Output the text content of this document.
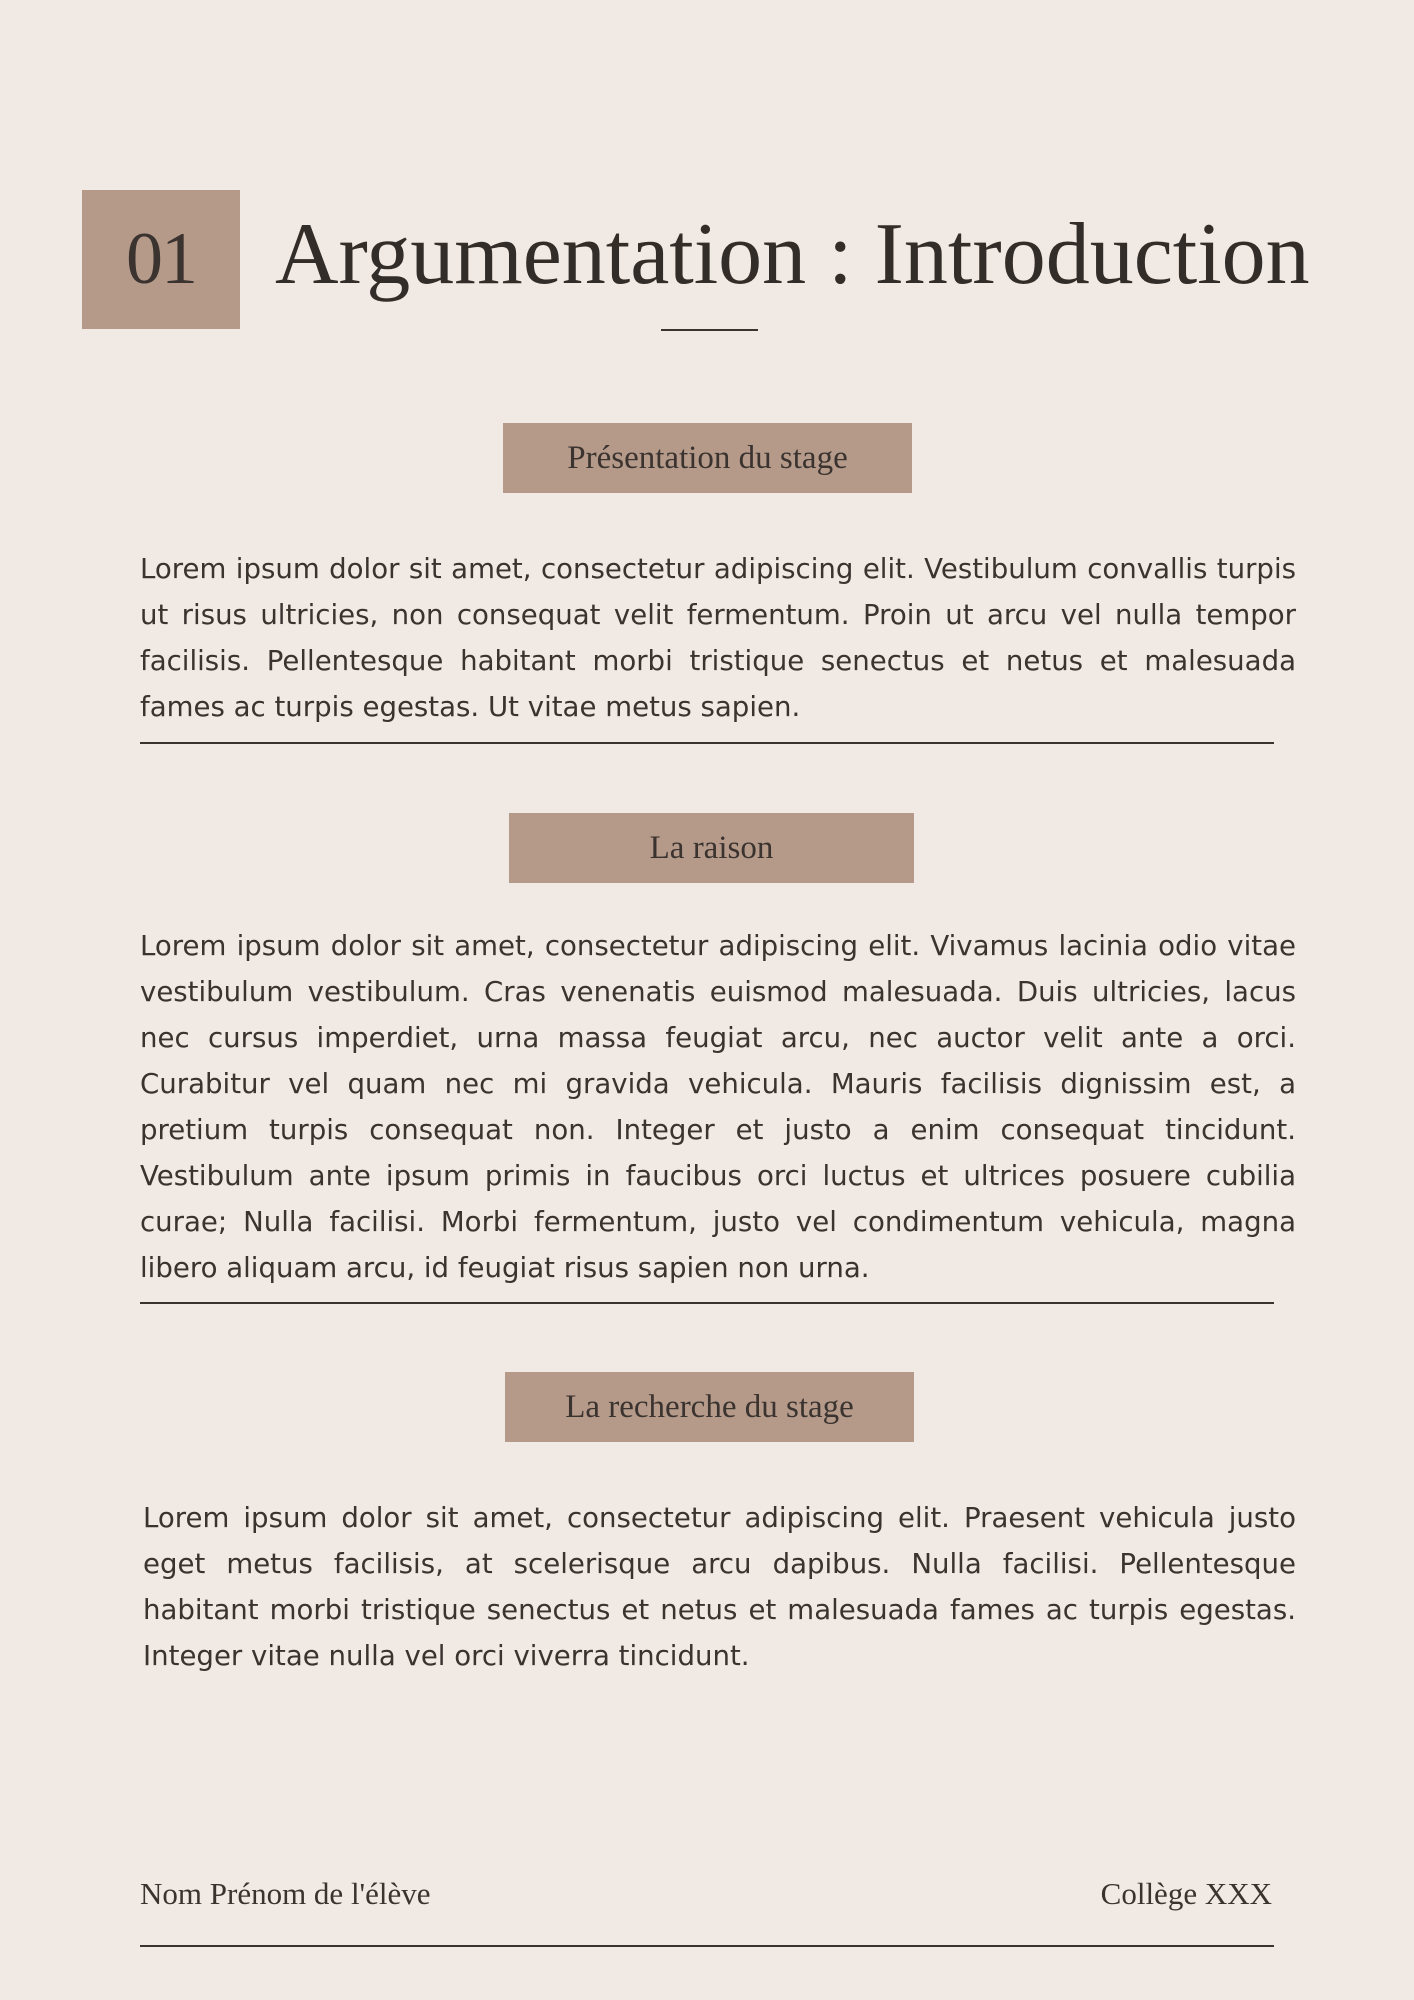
01 Argumentation : Introduction
Présentation du stage
Lorem ipsum dolor sit amet, consectetur adipiscing elit. Vestibulum convallis turpis ut risus ultricies, non consequat velit fermentum. Proin ut arcu vel nulla tempor facilisis. Pellentesque habitant morbi tristique senectus et netus et malesuada fames ac turpis egestas. Ut vitae metus sapien.
La raison
Lorem ipsum dolor sit amet, consectetur adipiscing elit. Vivamus lacinia odio vitae vestibulum vestibulum. Cras venenatis euismod malesuada. Duis ultricies, lacus nec cursus imperdiet, urna massa feugiat arcu, nec auctor velit ante a orci. Curabitur vel quam nec mi gravida vehicula. Mauris facilisis dignissim est, a pretium turpis consequat non. Integer et justo a enim consequat tincidunt. Vestibulum ante ipsum primis in faucibus orci luctus et ultrices posuere cubilia curae; Nulla facilisi. Morbi fermentum, justo vel condimentum vehicula, magna libero aliquam arcu, id feugiat risus sapien non urna.
La recherche du stage
Lorem ipsum dolor sit amet, consectetur adipiscing elit. Praesent vehicula justo eget metus facilisis, at scelerisque arcu dapibus. Nulla facilisi. Pellentesque habitant morbi tristique senectus et netus et malesuada fames ac turpis egestas. Integer vitae nulla vel orci viverra tincidunt.
Nom Prénom de l'élève	Collège XXX
